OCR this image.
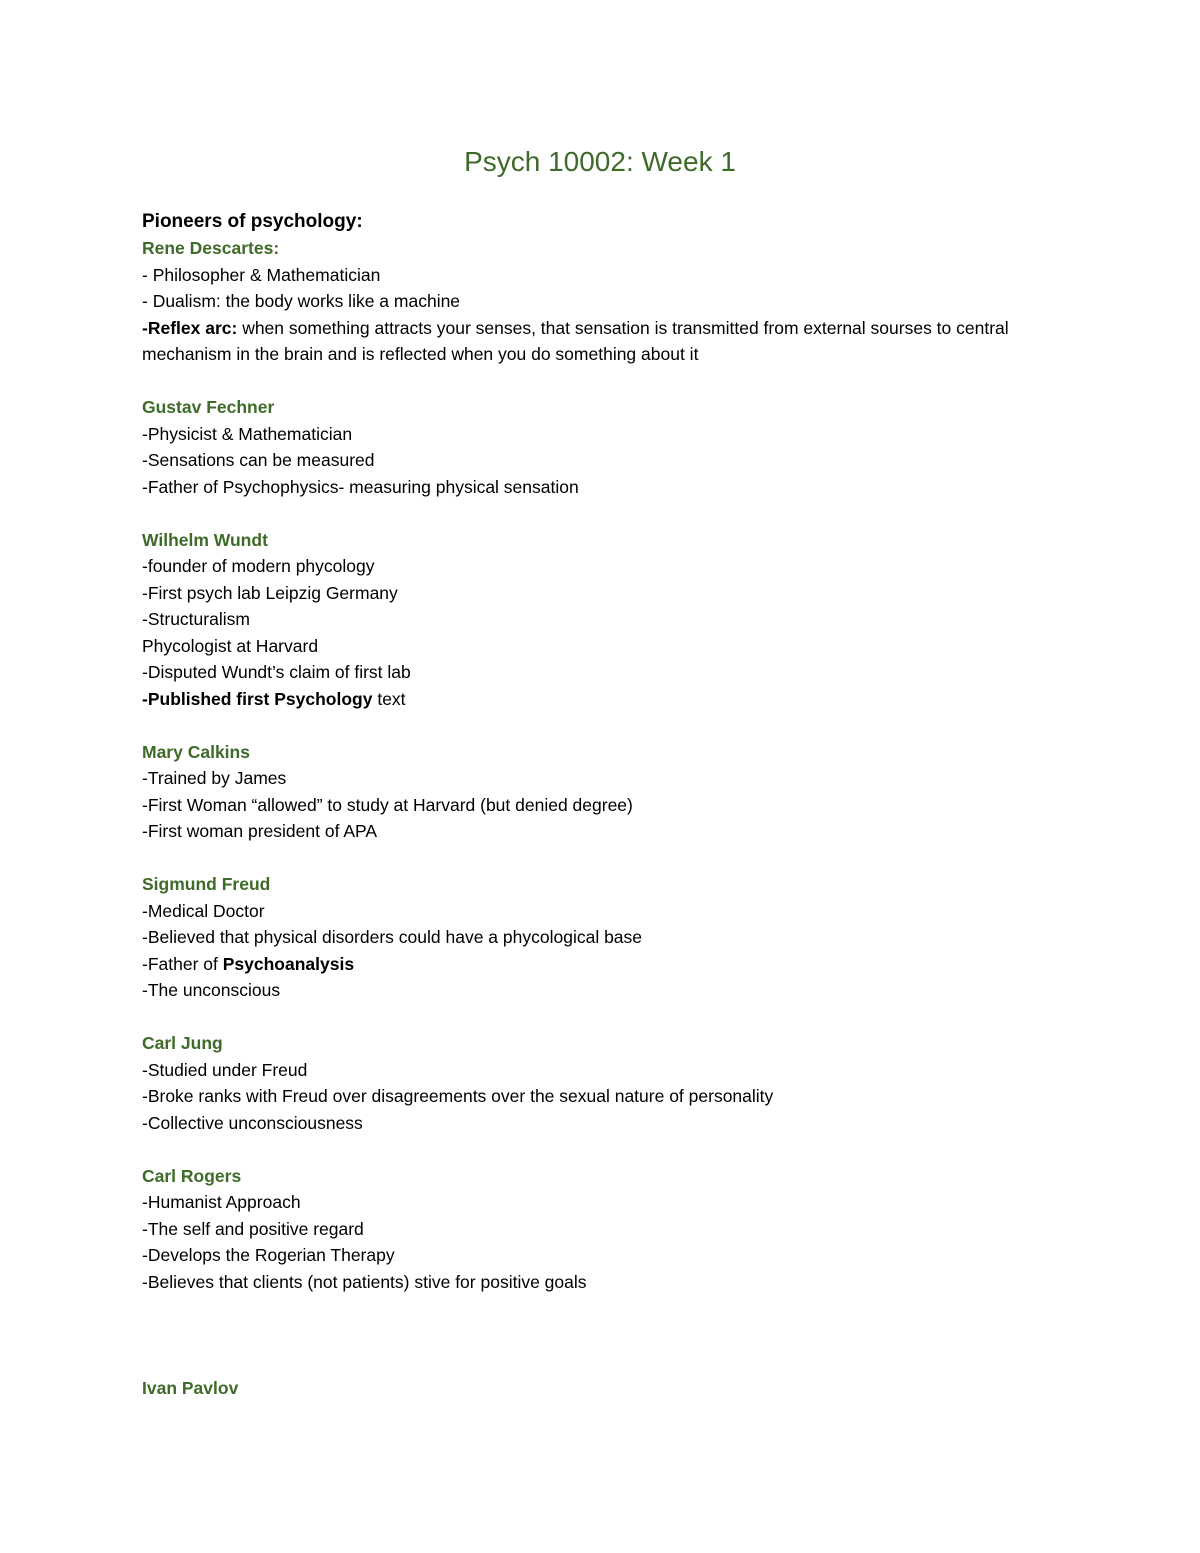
Psych 10002: Week 1

Pioneers of psychology:

Rene Descartes:

- Philosopher & Mathematician

- Dualism: the body works like a machine

-Reflex arc: when something attracts your senses, that sensation is transmitted from external sourses to central mechanism in the brain and is reflected when you do something about it

Gustav Fechner

-Physicist & Mathematician

-Sensations can be measured

-Father of Psychophysics- measuring physical sensation

Wilhelm Wundt

-founder of modern phycology

-First psych lab Leipzig Germany

-Structuralism

Phycologist at Harvard

-Disputed Wundt’s claim of first lab

-Published first Psychology text

Mary Calkins

-Trained by James

-First Woman “allowed” to study at Harvard (but denied degree)

-First woman president of APA

Sigmund Freud

-Medical Doctor

-Believed that physical disorders could have a phycological base

-Father of Psychoanalysis

-The unconscious

Carl Jung

-Studied under Freud

-Broke ranks with Freud over disagreements over the sexual nature of personality

-Collective unconsciousness

Carl Rogers

-Humanist Approach

-The self and positive regard

-Develops the Rogerian Therapy

-Believes that clients (not patients) stive for positive goals

Ivan Pavlov
